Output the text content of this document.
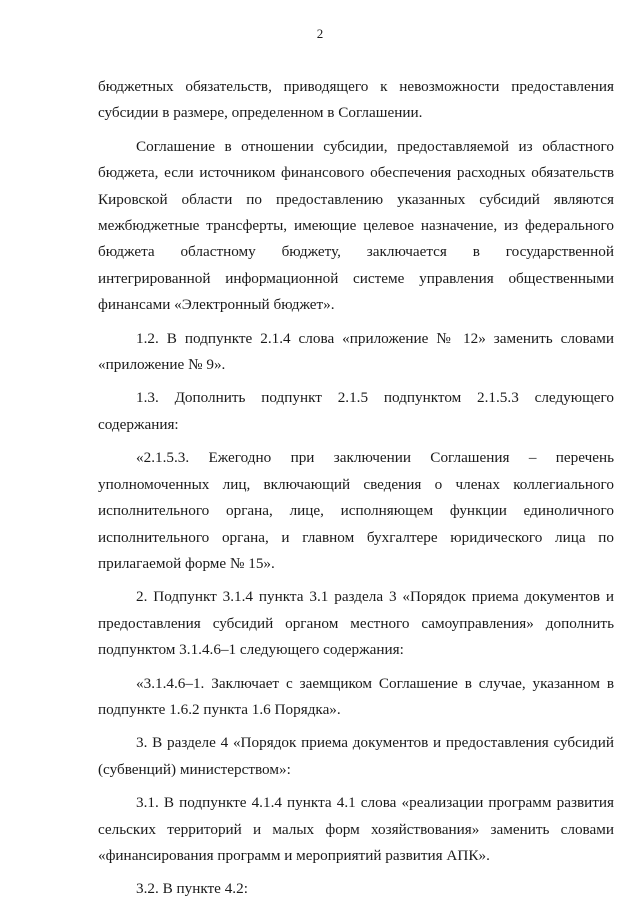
2

бюджетных обязательств, приводящего к невозможности предоставления субсидии в размере, определенном в Соглашении.

Соглашение в отношении субсидии, предоставляемой из областного бюджета, если источником финансового обеспечения расходных обязательств Кировской области по предоставлению указанных субсидий являются межбюджетные трансферты, имеющие целевое назначение, из федерального бюджета областному бюджету, заключается в государственной интегрированной информационной системе управления общественными финансами «Электронный бюджет».

1.2. В подпункте 2.1.4 слова «приложение № 12» заменить словами «приложение № 9».

1.3. Дополнить подпункт 2.1.5 подпунктом 2.1.5.3 следующего содержания:

«2.1.5.3. Ежегодно при заключении Соглашения – перечень уполномоченных лиц, включающий сведения о членах коллегиального исполнительного органа, лице, исполняющем функции единоличного исполнительного органа, и главном бухгалтере юридического лица по прилагаемой форме № 15».

2. Подпункт 3.1.4 пункта 3.1 раздела 3 «Порядок приема документов и предоставления субсидий органом местного самоуправления» дополнить подпунктом 3.1.4.6–1 следующего содержания:

«3.1.4.6–1. Заключает с заемщиком Соглашение в случае, указанном в подпункте 1.6.2 пункта 1.6 Порядка».

3. В разделе 4 «Порядок приема документов и предоставления субсидий (субвенций) министерством»:

3.1. В подпункте 4.1.4 пункта 4.1 слова «реализации программ развития сельских территорий и малых форм хозяйствования» заменить словами «финансирования программ и мероприятий развития АПК».

3.2. В пункте 4.2:
